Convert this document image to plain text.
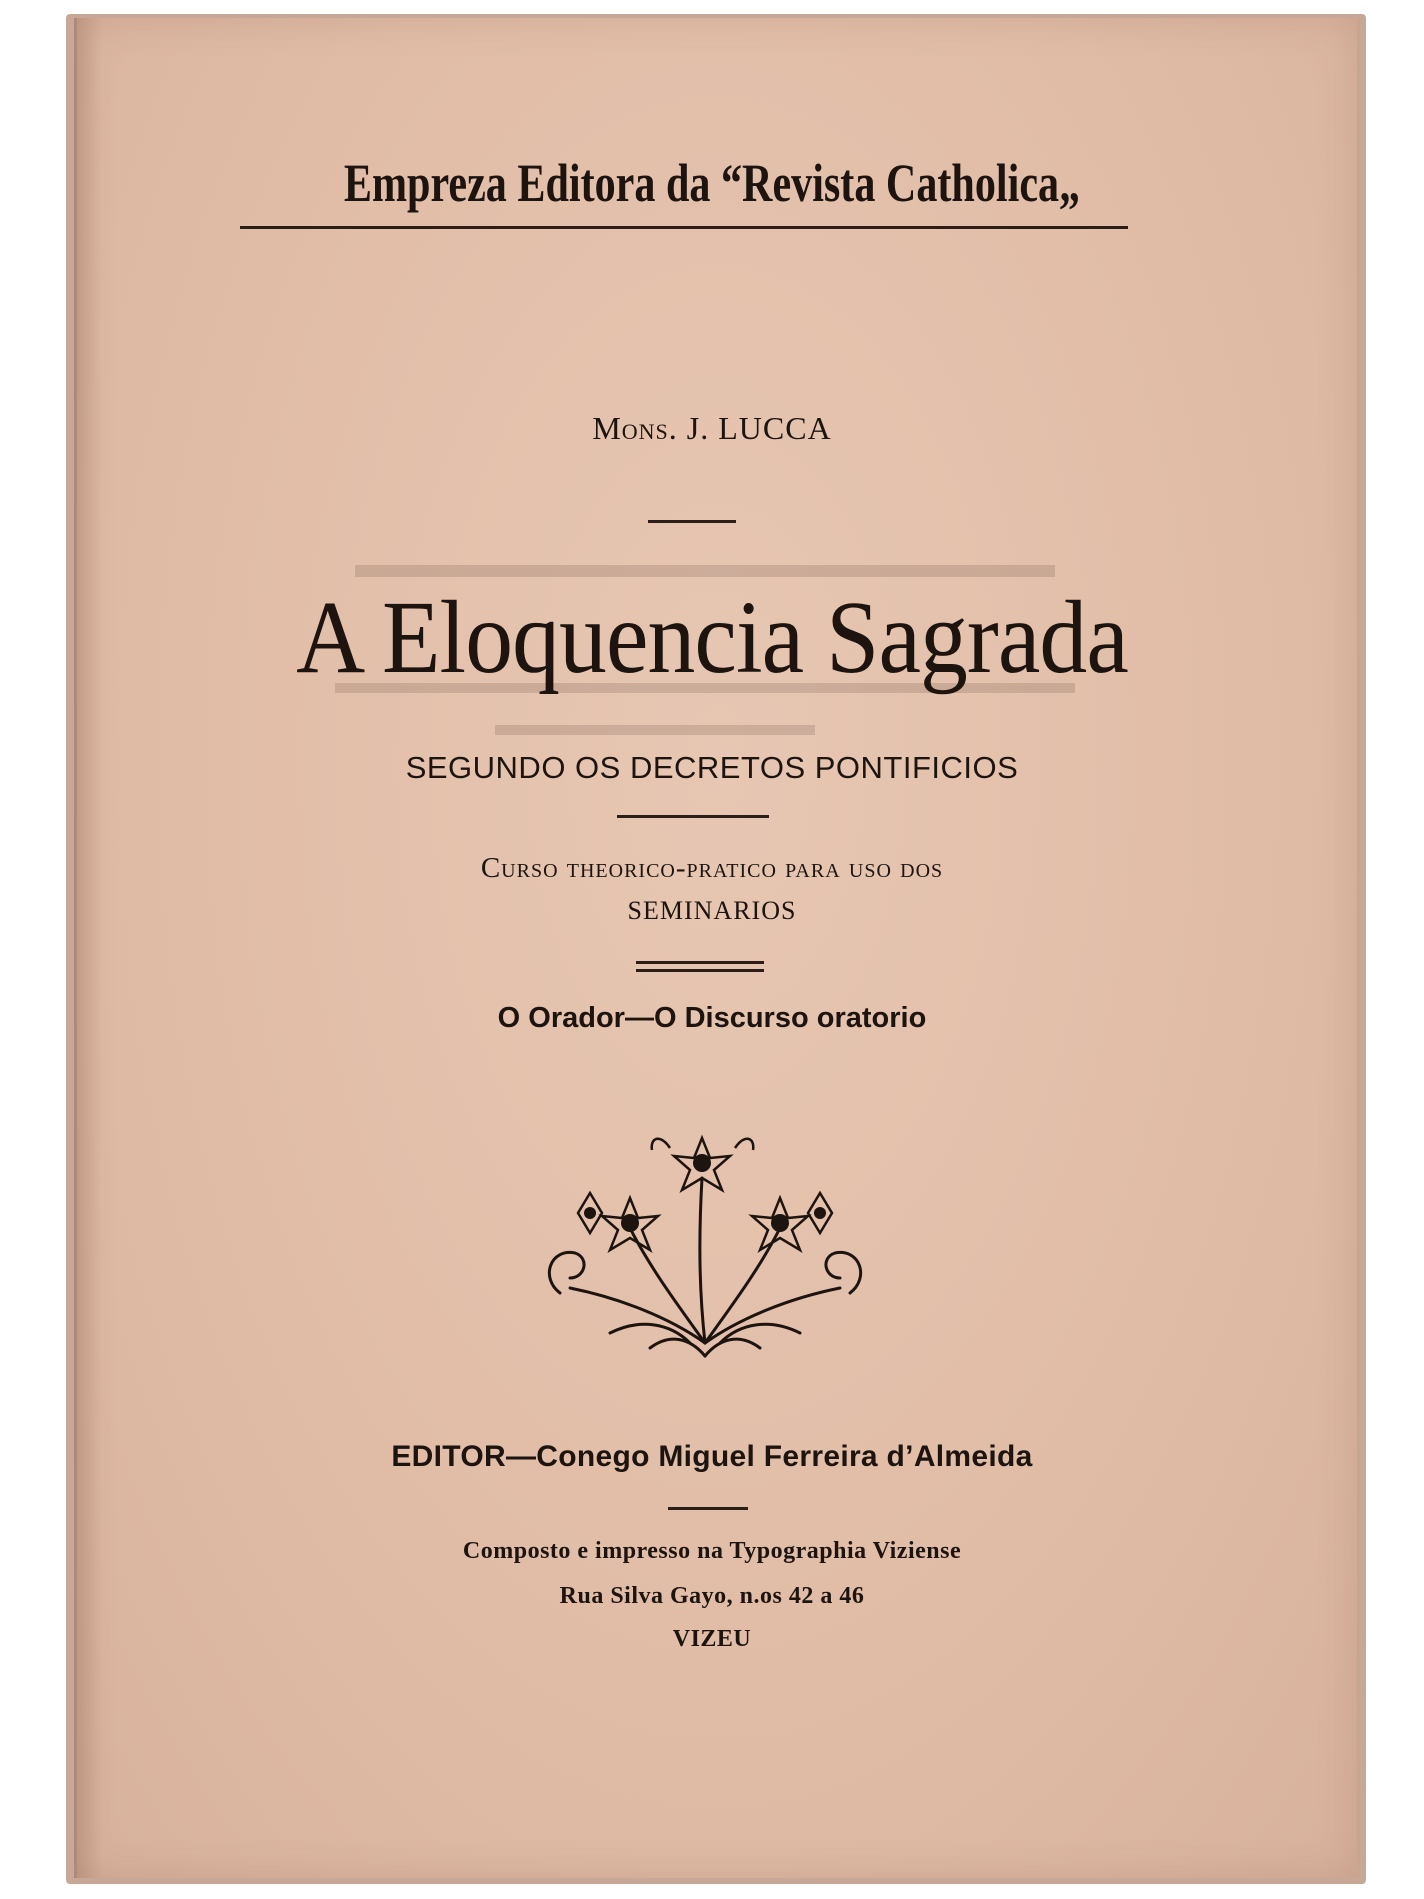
Empreza Editora da “Revista Catholica„
Mons. J. LUCCA
A Eloquencia Sagrada
SEGUNDO OS DECRETOS PONTIFICIOS
Curso theorico-pratico para uso dos
SEMINARIOS
O Orador—O Discurso oratorio
EDITOR—Conego Miguel Ferreira d’Almeida
Composto e impresso na Typographia Viziense
Rua Silva Gayo, n.os 42 a 46
VIZEU
